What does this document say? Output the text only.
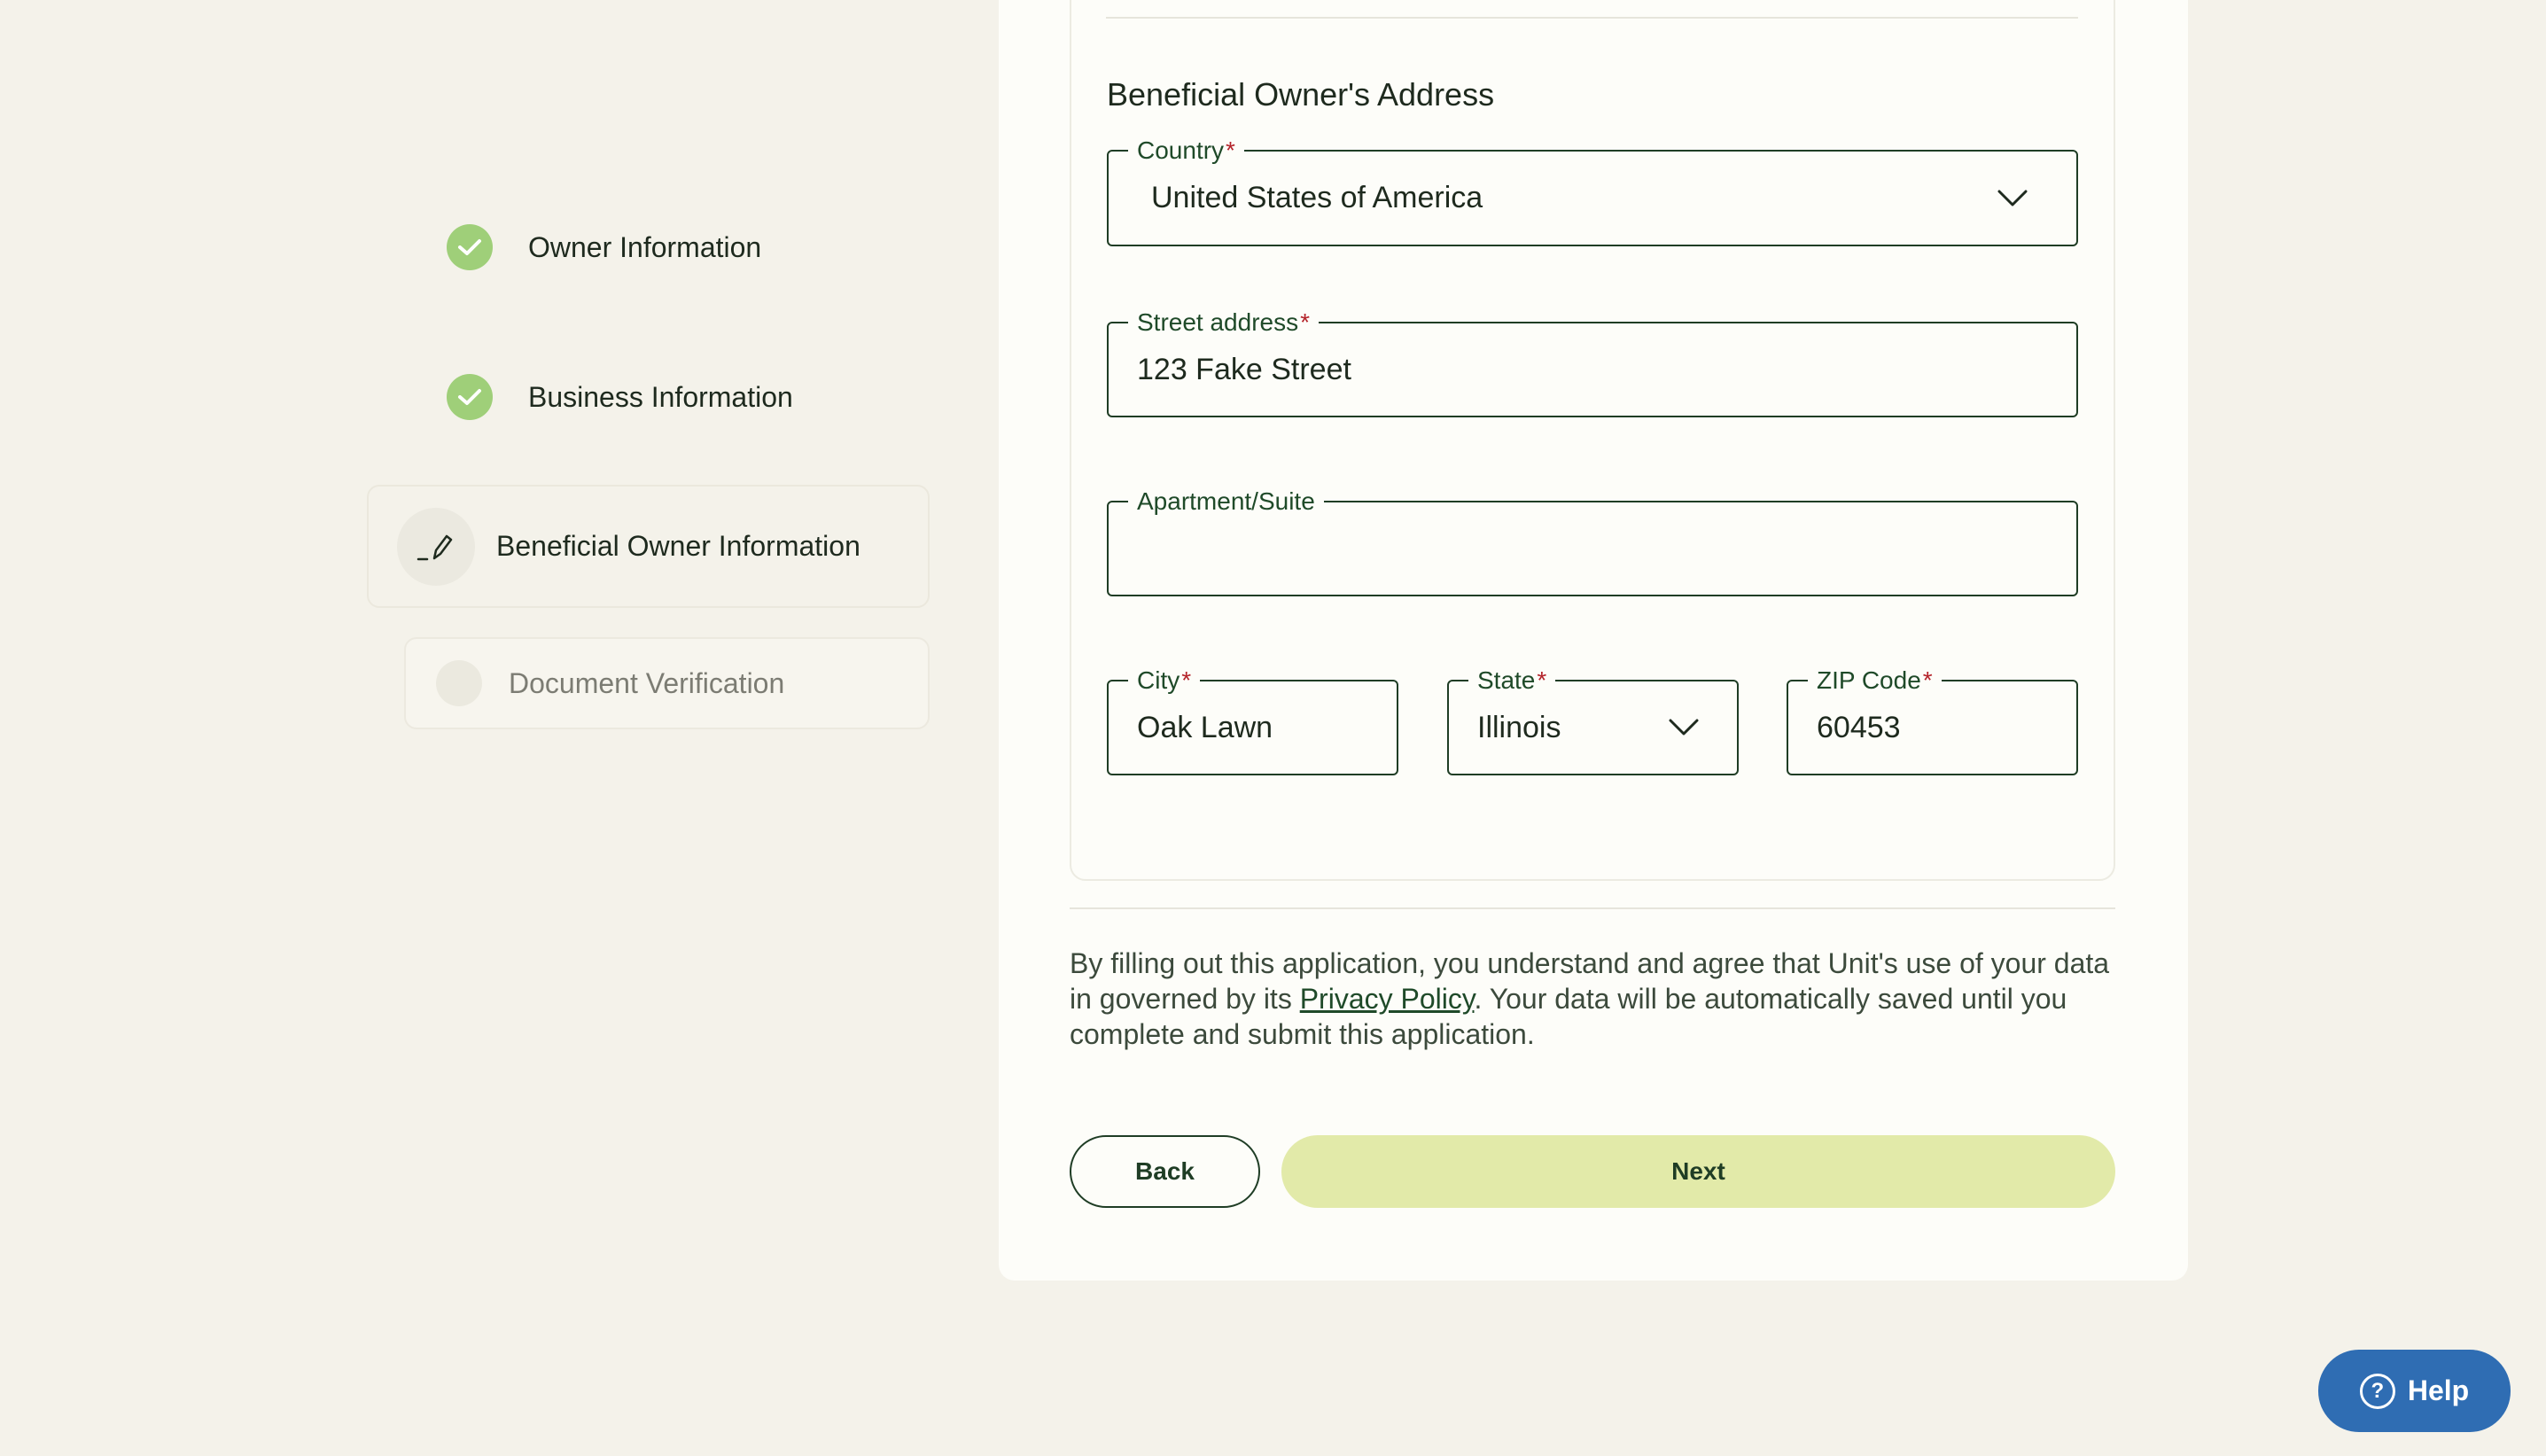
Owner Information
Business Information
Beneficial Owner Information
Document Verification
Beneficial Owner's Address
Country*
United States of America
Street address*
123 Fake Street
Apartment/Suite
City*
Oak Lawn
State*
Illinois
ZIP Code*
60453

By filling out this application, you understand and agree that Unit's use of your data in governed by its Privacy Policy. Your data will be automatically saved until you complete and submit this application.

Back	Next
? Help
